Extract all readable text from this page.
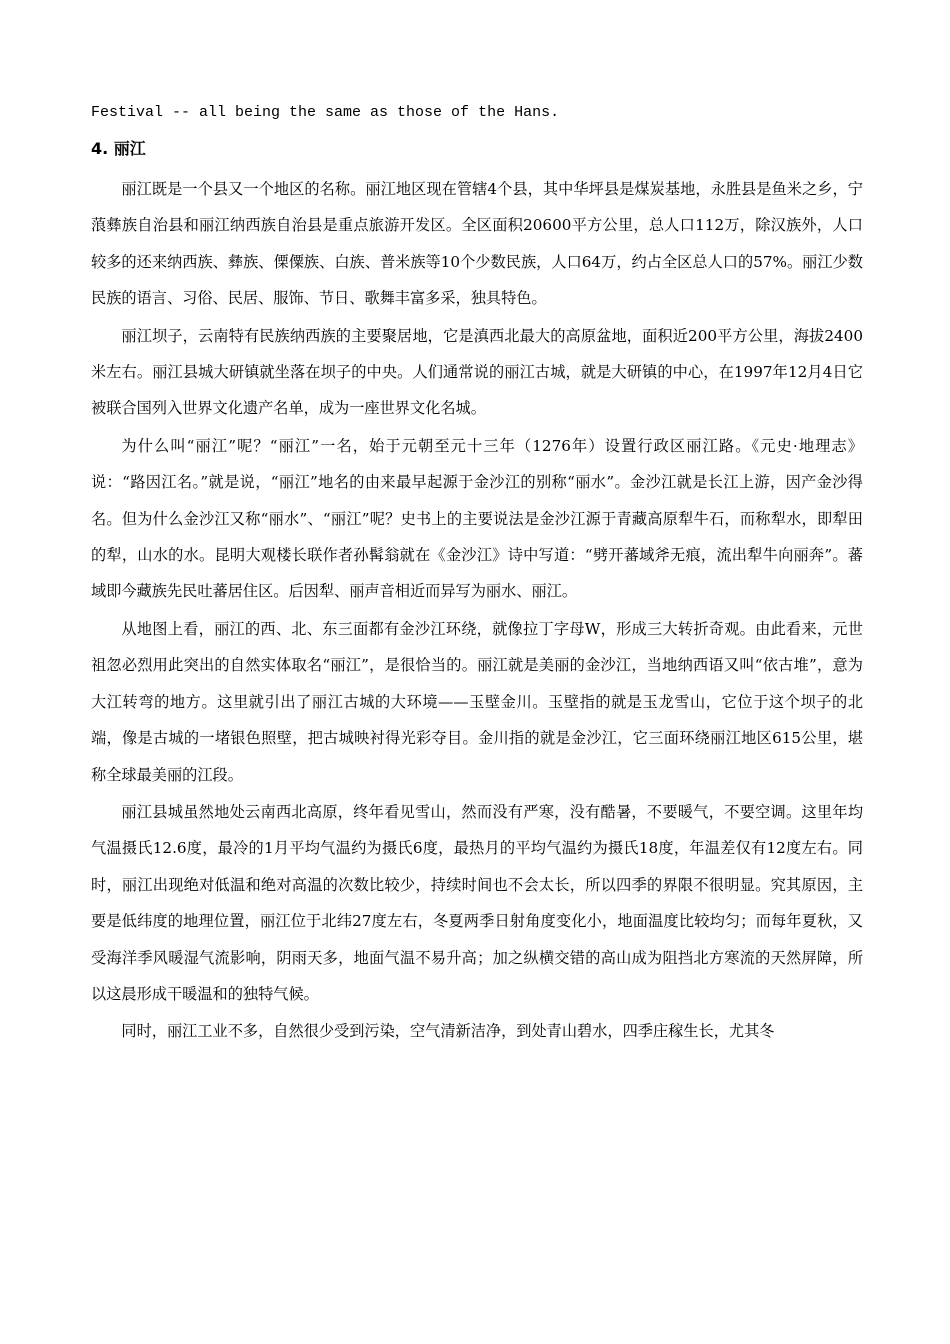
Festival -- all being the same as those of the Hans.
4. 丽江

丽江既是一个县又一个地区的名称。丽江地区现在管辖4个县，其中华坪县是煤炭基地，永胜县是鱼米之乡，宁蒗彝族自治县和丽江纳西族自治县是重点旅游开发区。全区面积20600平方公里，总人口112万，除汉族外，人口较多的还来纳西族、彝族、傈僳族、白族、普米族等10个少数民族，人口64万，约占全区总人口的57%。丽江少数民族的语言、习俗、民居、服饰、节日、歌舞丰富多采，独具特色。

丽江坝子，云南特有民族纳西族的主要聚居地，它是滇西北最大的高原盆地，面积近200平方公里，海拔2400米左右。丽江县城大研镇就坐落在坝子的中央。人们通常说的丽江古城，就是大研镇的中心，在1997年12月4日它被联合国列入世界文化遗产名单，成为一座世界文化名城。

为什么叫“丽江”呢？“丽江”一名，始于元朝至元十三年（1276年）设置行政区丽江路。《元史·地理志》说：“路因江名。”就是说，“丽江”地名的由来最早起源于金沙江的别称“丽水”。金沙江就是长江上游，因产金沙得名。但为什么金沙江又称“丽水”、“丽江”呢？史书上的主要说法是金沙江源于青藏高原犁牛石，而称犁水，即犁田的犁，山水的水。昆明大观楼长联作者孙髯翁就在《金沙江》诗中写道：“劈开蕃域斧无痕，流出犁牛向丽奔”。蕃域即今藏族先民吐蕃居住区。后因犁、丽声音相近而异写为丽水、丽江。

从地图上看，丽江的西、北、东三面都有金沙江环绕，就像拉丁字母W，形成三大转折奇观。由此看来，元世祖忽必烈用此突出的自然实体取名“丽江”，是很恰当的。丽江就是美丽的金沙江，当地纳西语又叫“依古堆”，意为大江转弯的地方。这里就引出了丽江古城的大环境——玉壁金川。玉壁指的就是玉龙雪山，它位于这个坝子的北端，像是古城的一堵银色照壁，把古城映衬得光彩夺目。金川指的就是金沙江，它三面环绕丽江地区615公里，堪称全球最美丽的江段。

丽江县城虽然地处云南西北高原，终年看见雪山，然而没有严寒，没有酷暑，不要暖气，不要空调。这里年均气温摄氏12.6度，最冷的1月平均气温约为摄氏6度，最热月的平均气温约为摄氏18度，年温差仅有12度左右。同时，丽江出现绝对低温和绝对高温的次数比较少，持续时间也不会太长，所以四季的界限不很明显。究其原因，主要是低纬度的地理位置，丽江位于北纬27度左右，冬夏两季日射角度变化小，地面温度比较均匀；而每年夏秋，又受海洋季风暖湿气流影响，阴雨天多，地面气温不易升高；加之纵横交错的高山成为阻挡北方寒流的天然屏障，所以这晨形成干暖温和的独特气候。

同时，丽江工业不多，自然很少受到污染，空气清新洁净，到处青山碧水，四季庄稼生长，尤其冬
